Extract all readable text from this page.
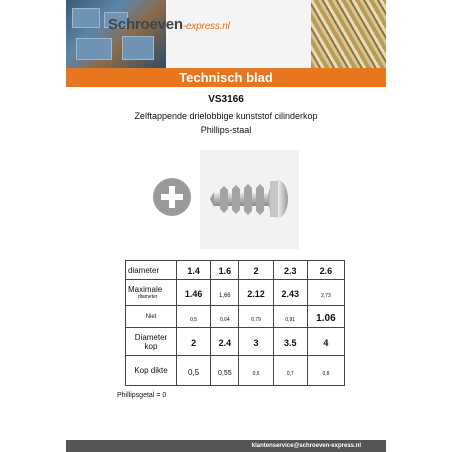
Schroeven-express.nl
Technisch blad
VS3166
Zelftappende drielobbige kunststof cilinderkop
Phillips-staal
diameter	1.4	1.6	2	2.3	2.6
Maximale
diameter	1.46	1,66	2.12	2.43	2,73
Niet	0,5	0,64	0,79	0,91	1.06
Diameter kop	2	2.4	3	3.5	4
Kop dikte	0,5	0,55	0,6	0,7	0,8
Phillipsgetal = 0
klantenservice@schroeven-express.nl
